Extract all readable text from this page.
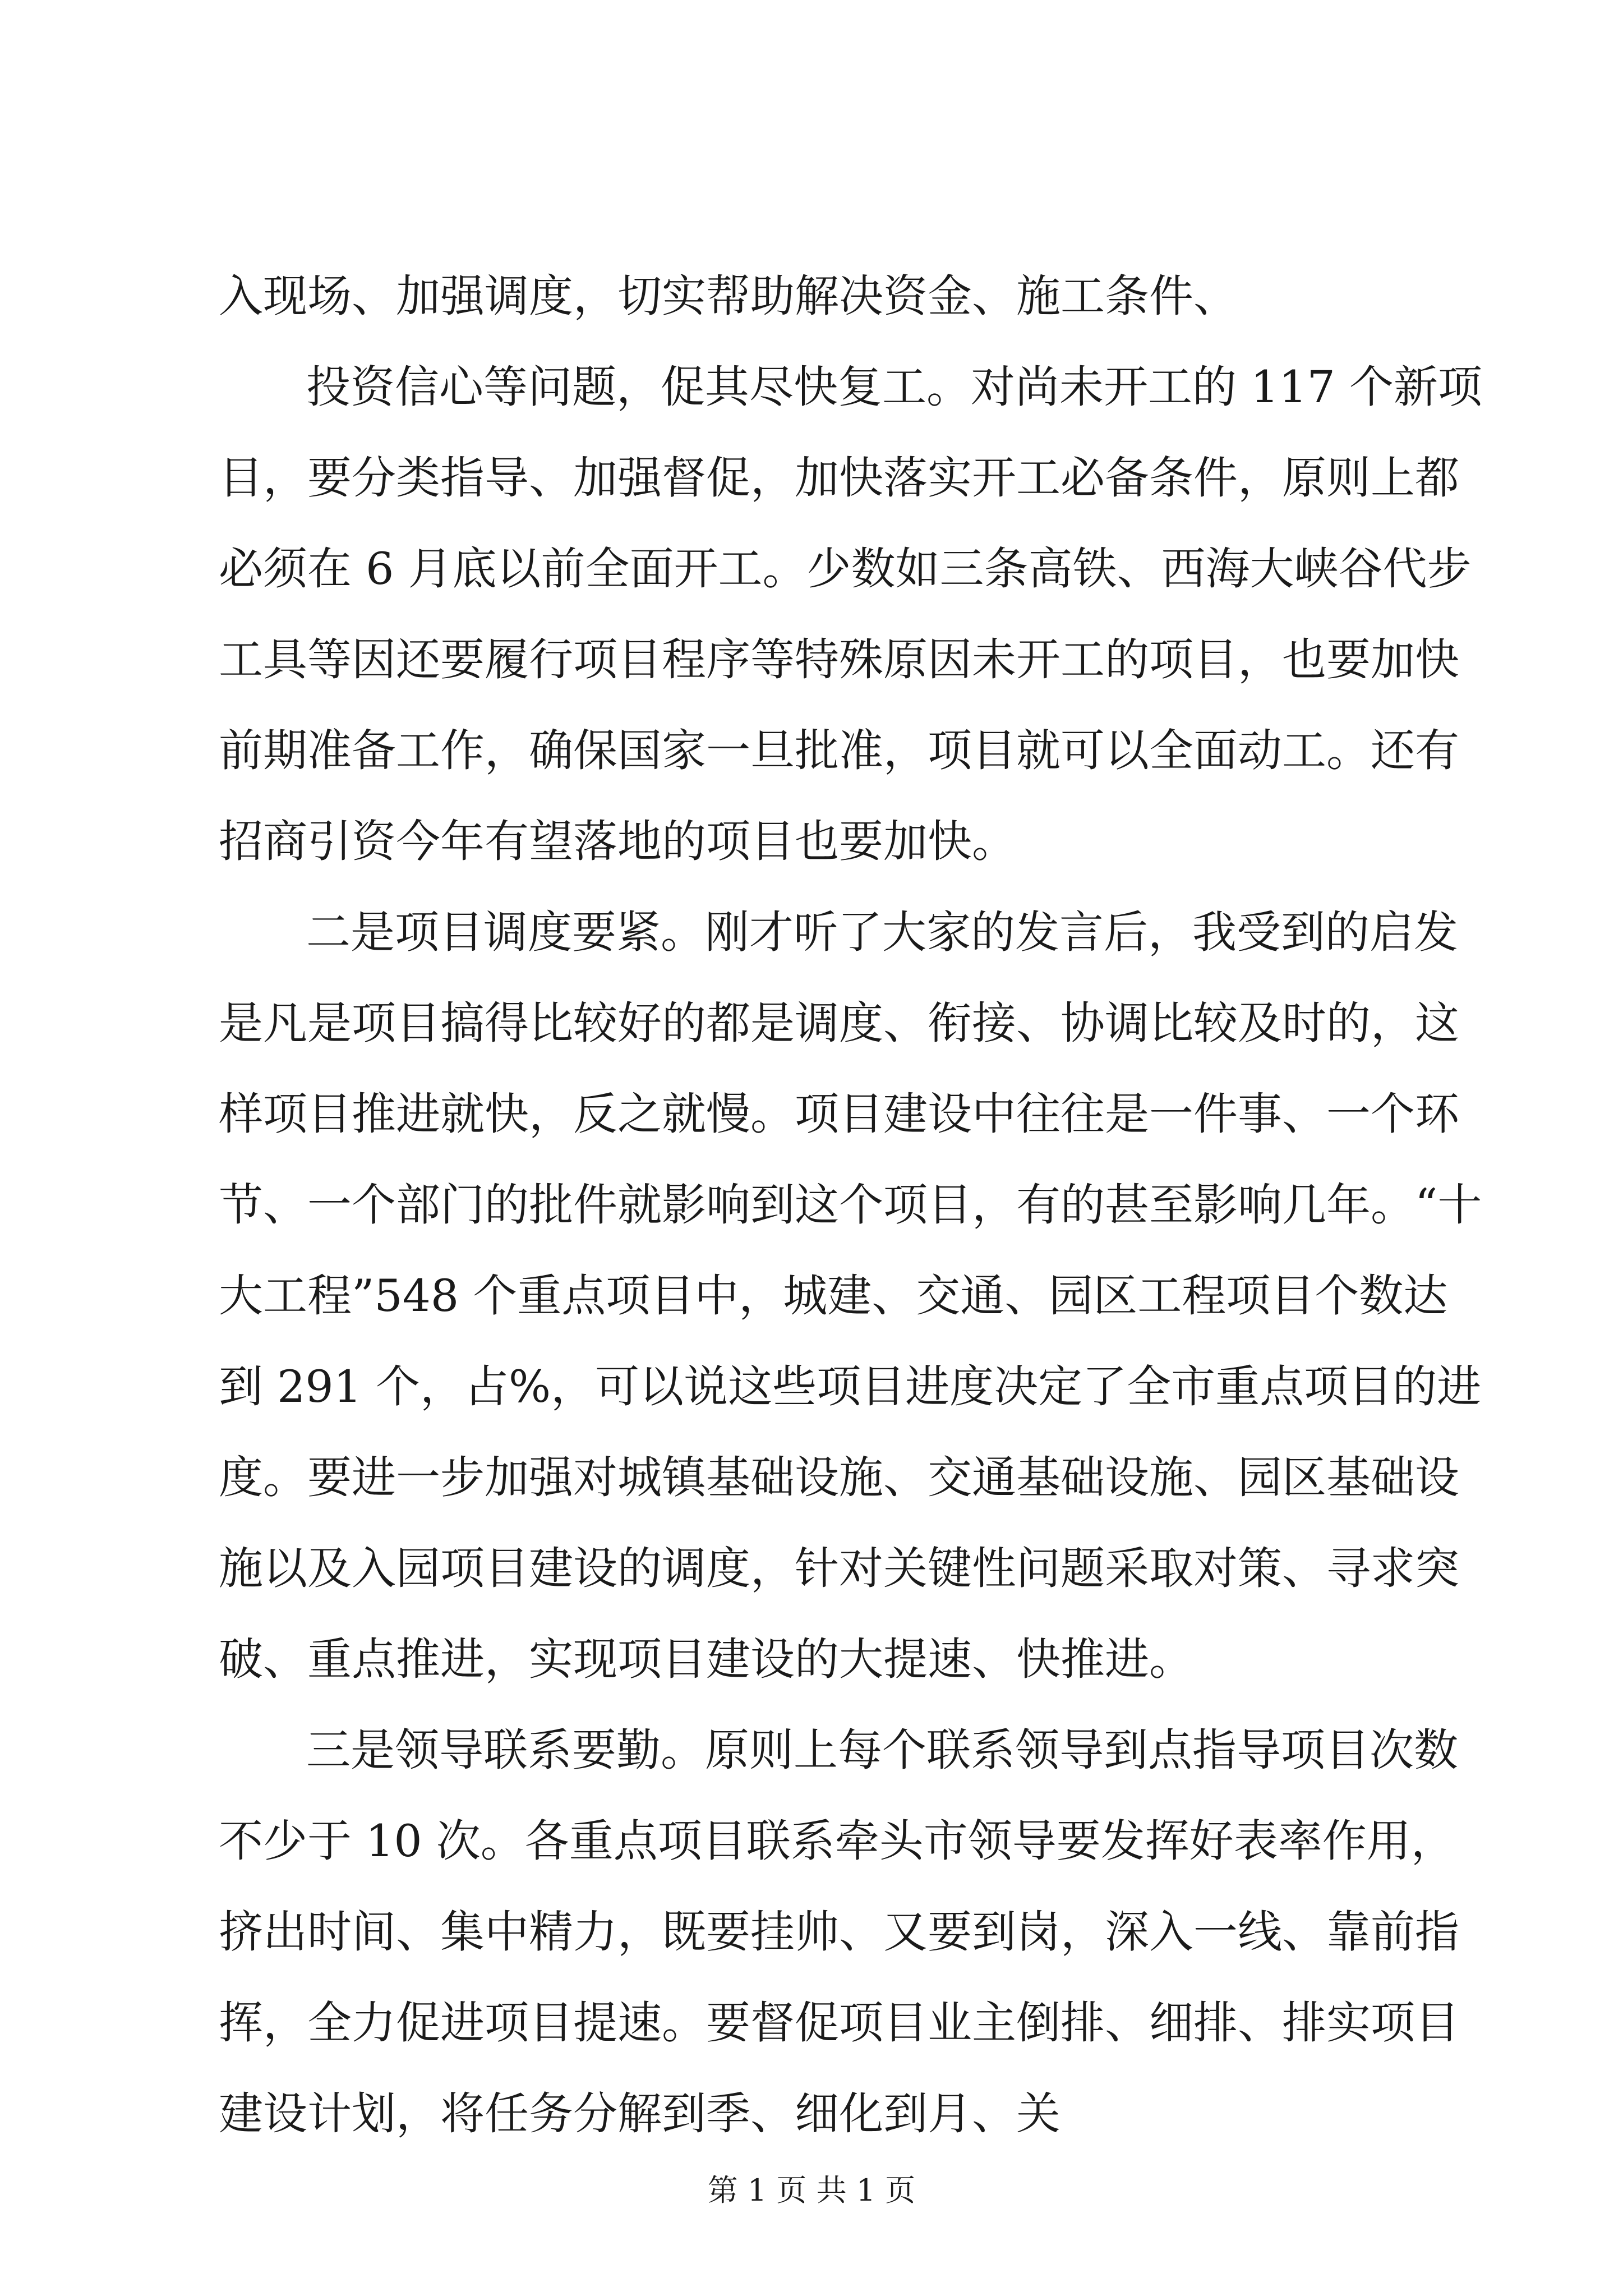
入现场、加强调度，切实帮助解决资金、施工条件、
投资信心等问题，促其尽快复工。对尚未开工的 117 个新项
目，要分类指导、加强督促，加快落实开工必备条件，原则上都
必须在 6 月底以前全面开工。少数如三条高铁、西海大峡谷代步
工具等因还要履行项目程序等特殊原因未开工的项目，也要加快
前期准备工作，确保国家一旦批准，项目就可以全面动工。还有
招商引资今年有望落地的项目也要加快。
二是项目调度要紧。刚才听了大家的发言后，我受到的启发
是凡是项目搞得比较好的都是调度、衔接、协调比较及时的，这
样项目推进就快，反之就慢。项目建设中往往是一件事、一个环
节、一个部门的批件就影响到这个项目，有的甚至影响几年。“十
大工程”548 个重点项目中，城建、交通、园区工程项目个数达
到 291 个，占%，可以说这些项目进度决定了全市重点项目的进
度。要进一步加强对城镇基础设施、交通基础设施、园区基础设
施以及入园项目建设的调度，针对关键性问题采取对策、寻求突
破、重点推进，实现项目建设的大提速、快推进。
三是领导联系要勤。原则上每个联系领导到点指导项目次数
不少于 10 次。各重点项目联系牵头市领导要发挥好表率作用，
挤出时间、集中精力，既要挂帅、又要到岗，深入一线、靠前指
挥，全力促进项目提速。要督促项目业主倒排、细排、排实项目
建设计划，将任务分解到季、细化到月、关
第 1 页 共 1 页
